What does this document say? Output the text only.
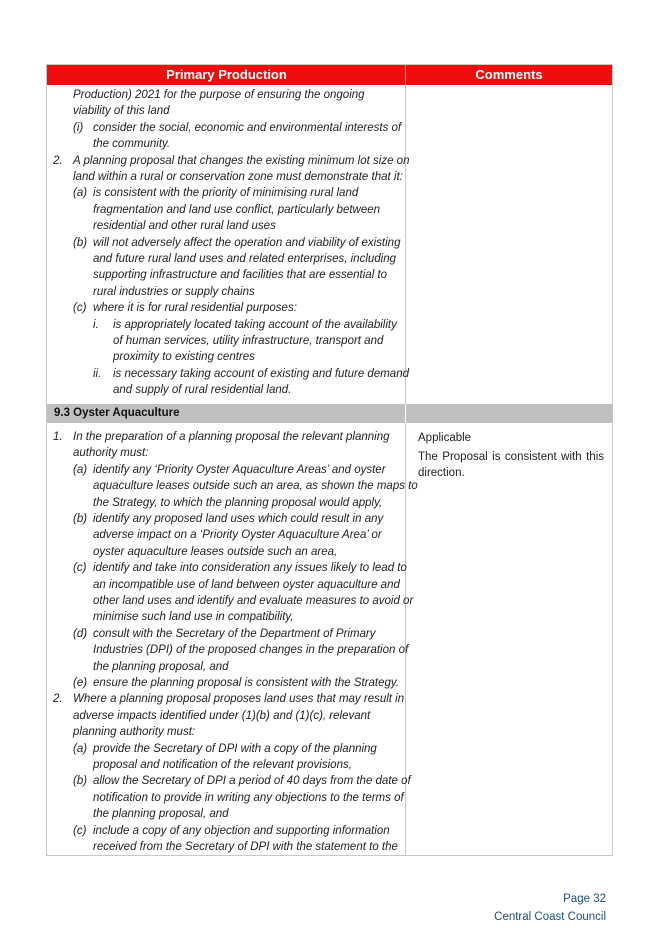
Primary Production	Comments
9.3 Oyster Aquaculture
Production) 2021 for the purpose of ensuring the ongoing
viability of this land
(i) consider the social, economic and environmental interests of
the community.
2. A planning proposal that changes the existing minimum lot size on
land within a rural or conservation zone must demonstrate that it:
(a) is consistent with the priority of minimising rural land
fragmentation and land use conflict, particularly between
residential and other rural land uses
(b) will not adversely affect the operation and viability of existing
and future rural land uses and related enterprises, including
supporting infrastructure and facilities that are essential to
rural industries or supply chains
(c) where it is for rural residential purposes:
i. is appropriately located taking account of the availability
of human services, utility infrastructure, transport and
proximity to existing centres
ii. is necessary taking account of existing and future demand
and supply of rural residential land.
1. In the preparation of a planning proposal the relevant planning
authority must:
(a) identify any ‘Priority Oyster Aquaculture Areas’ and oyster
aquaculture leases outside such an area, as shown the maps to
the Strategy, to which the planning proposal would apply,
(b) identify any proposed land uses which could result in any
adverse impact on a ‘Priority Oyster Aquaculture Area’ or
oyster aquaculture leases outside such an area,
(c) identify and take into consideration any issues likely to lead to
an incompatible use of land between oyster aquaculture and
other land uses and identify and evaluate measures to avoid or
minimise such land use in compatibility,
(d) consult with the Secretary of the Department of Primary
Industries (DPI) of the proposed changes in the preparation of
the planning proposal, and
(e) ensure the planning proposal is consistent with the Strategy.
2. Where a planning proposal proposes land uses that may result in
adverse impacts identified under (1)(b) and (1)(c), relevant
planning authority must:
(a) provide the Secretary of DPI with a copy of the planning
proposal and notification of the relevant provisions,
(b) allow the Secretary of DPI a period of 40 days from the date of
notification to provide in writing any objections to the terms of
the planning proposal, and
(c) include a copy of any objection and supporting information
received from the Secretary of DPI with the statement to the
Applicable
The Proposal is consistent with this direction.
Page 32
Central Coast Council
